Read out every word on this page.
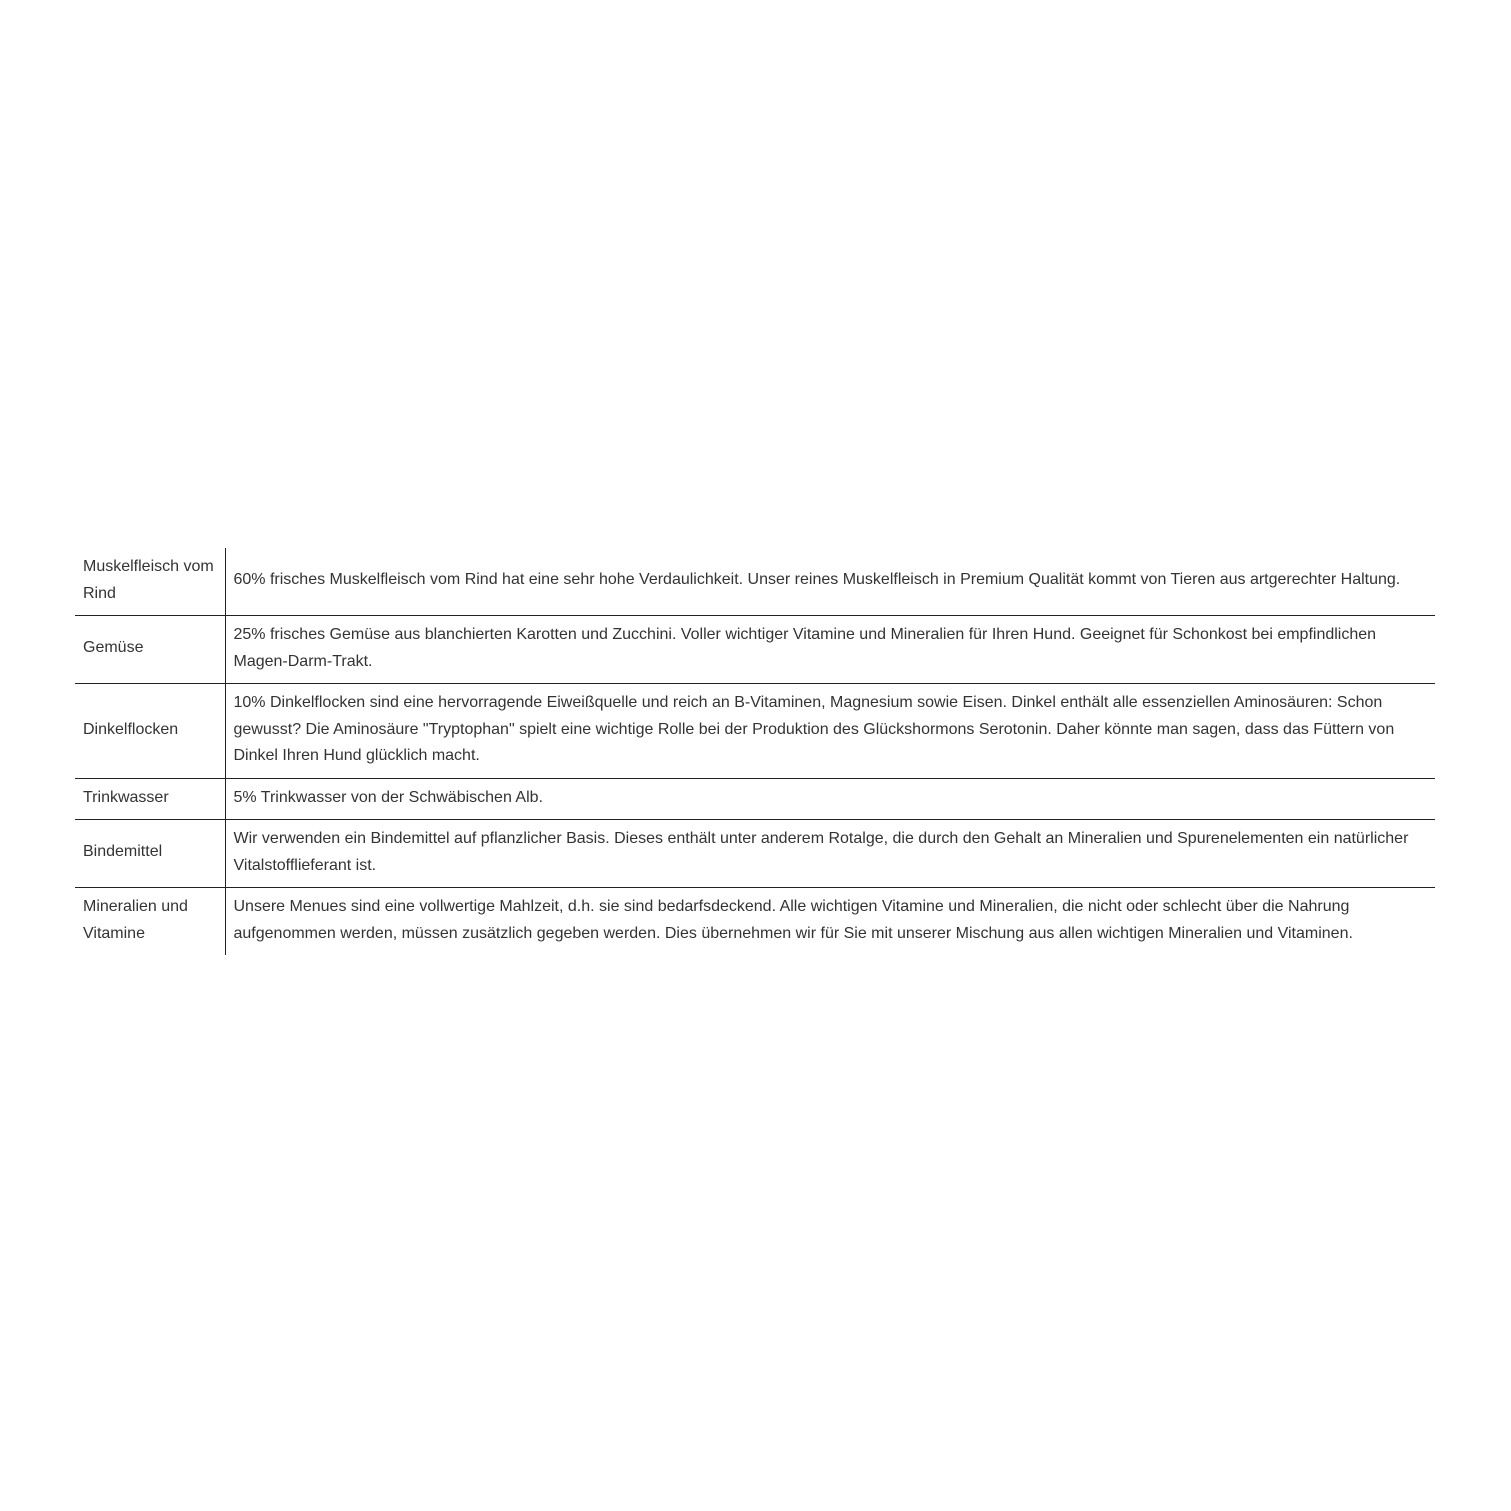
Muskelfleisch vom Rind	60% frisches Muskelfleisch vom Rind hat eine sehr hohe Verdaulichkeit. Unser reines Muskelfleisch in Premium Qualität kommt von Tieren aus artgerechter Haltung.
Gemüse	25% frisches Gemüse aus blanchierten Karotten und Zucchini. Voller wichtiger Vitamine und Mineralien für Ihren Hund. Geeignet für Schonkost bei empfindlichen Magen-Darm-Trakt.
Dinkelflocken	10% Dinkelflocken sind eine hervorragende Eiweißquelle und reich an B-Vitaminen, Magnesium sowie Eisen. Dinkel enthält alle essenziellen Aminosäuren: Schon gewusst? Die Aminosäure "Tryptophan" spielt eine wichtige Rolle bei der Produktion des Glückshormons Serotonin. Daher könnte man sagen, dass das Füttern von Dinkel Ihren Hund glücklich macht.
Trinkwasser	5% Trinkwasser von der Schwäbischen Alb.
Bindemittel	Wir verwenden ein Bindemittel auf pflanzlicher Basis. Dieses enthält unter anderem Rotalge, die durch den Gehalt an Mineralien und Spurenelementen ein natürlicher Vitalstofflieferant ist.
Mineralien und Vitamine	Unsere Menues sind eine vollwertige Mahlzeit, d.h. sie sind bedarfsdeckend. Alle wichtigen Vitamine und Mineralien, die nicht oder schlecht über die Nahrung aufgenommen werden, müssen zusätzlich gegeben werden. Dies übernehmen wir für Sie mit unserer Mischung aus allen wichtigen Mineralien und Vitaminen.
